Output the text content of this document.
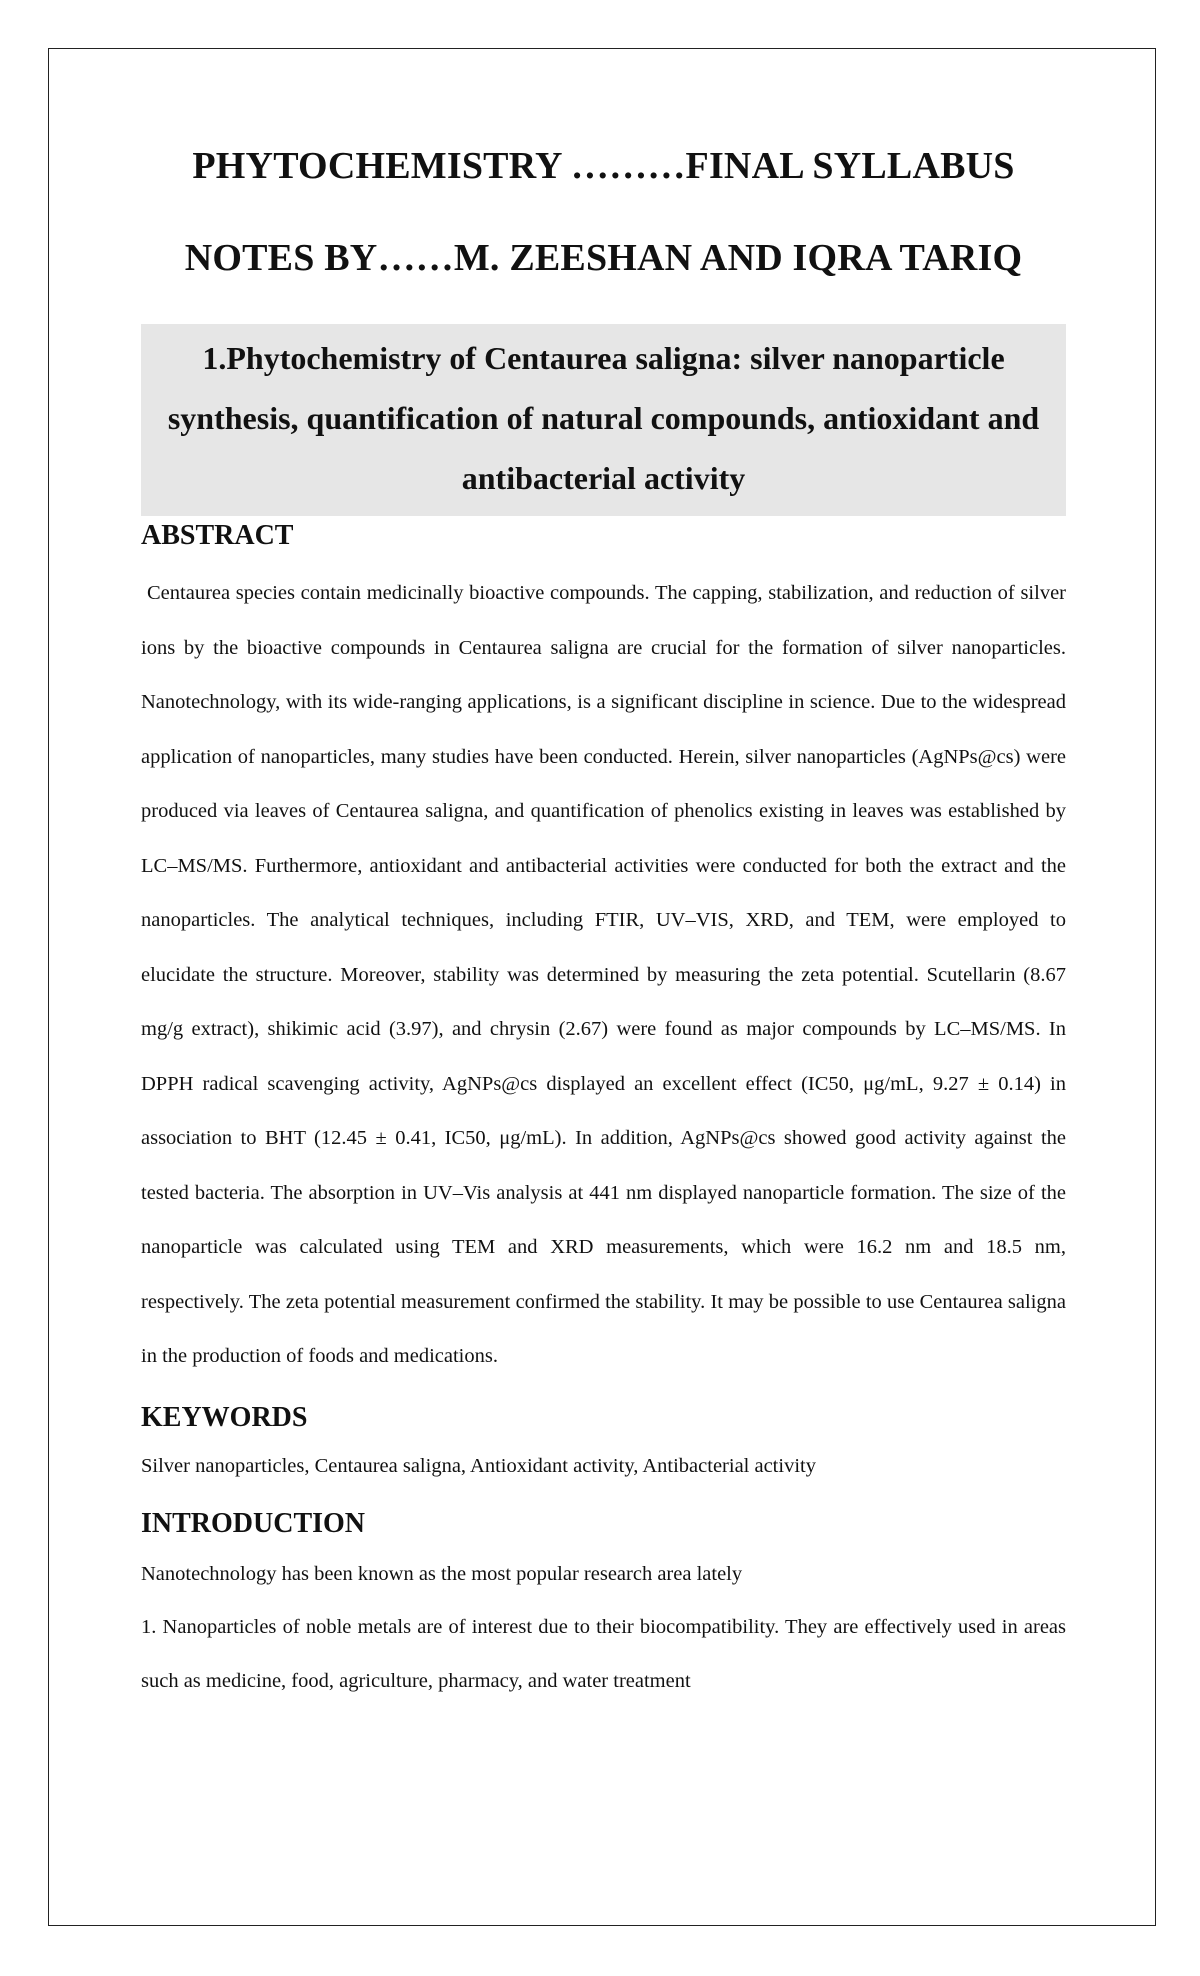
PHYTOCHEMISTRY ………FINAL SYLLABUS
NOTES BY……M. ZEESHAN AND IQRA TARIQ
1.Phytochemistry of Centaurea saligna: silver nanoparticle synthesis, quantification of natural compounds, antioxidant and antibacterial activity
ABSTRACT

Centaurea species contain medicinally bioactive compounds. The capping, stabilization, and reduction of silver ions by the bioactive compounds in Centaurea saligna are crucial for the formation of silver nanoparticles. Nanotechnology, with its wide-ranging applications, is a significant discipline in science. Due to the widespread application of nanoparticles, many studies have been conducted. Herein, silver nanoparticles (AgNPs@cs) were produced via leaves of Centaurea saligna, and quantification of phenolics existing in leaves was established by LC–MS/MS. Furthermore, antioxidant and antibacterial activities were conducted for both the extract and the nanoparticles. The analytical techniques, including FTIR, UV–VIS, XRD, and TEM, were employed to elucidate the structure. Moreover, stability was determined by measuring the zeta potential. Scutellarin (8.67 mg/g extract), shikimic acid (3.97), and chrysin (2.67) were found as major compounds by LC–MS/MS. In DPPH radical scavenging activity, AgNPs@cs displayed an excellent effect (IC50, μg/mL, 9.27 ± 0.14) in association to BHT (12.45 ± 0.41, IC50, μg/mL). In addition, AgNPs@cs showed good activity against the tested bacteria. The absorption in UV–Vis analysis at 441 nm displayed nanoparticle formation. The size of the nanoparticle was calculated using TEM and XRD measurements, which were 16.2 nm and 18.5 nm, respectively. The zeta potential measurement confirmed the stability. It may be possible to use Centaurea saligna in the production of foods and medications.

KEYWORDS

Silver nanoparticles, Centaurea saligna, Antioxidant activity, Antibacterial activity

INTRODUCTION

Nanotechnology has been known as the most popular research area lately

1. Nanoparticles of noble metals are of interest due to their biocompatibility. They are effectively used in areas such as medicine, food, agriculture, pharmacy, and water treatment
